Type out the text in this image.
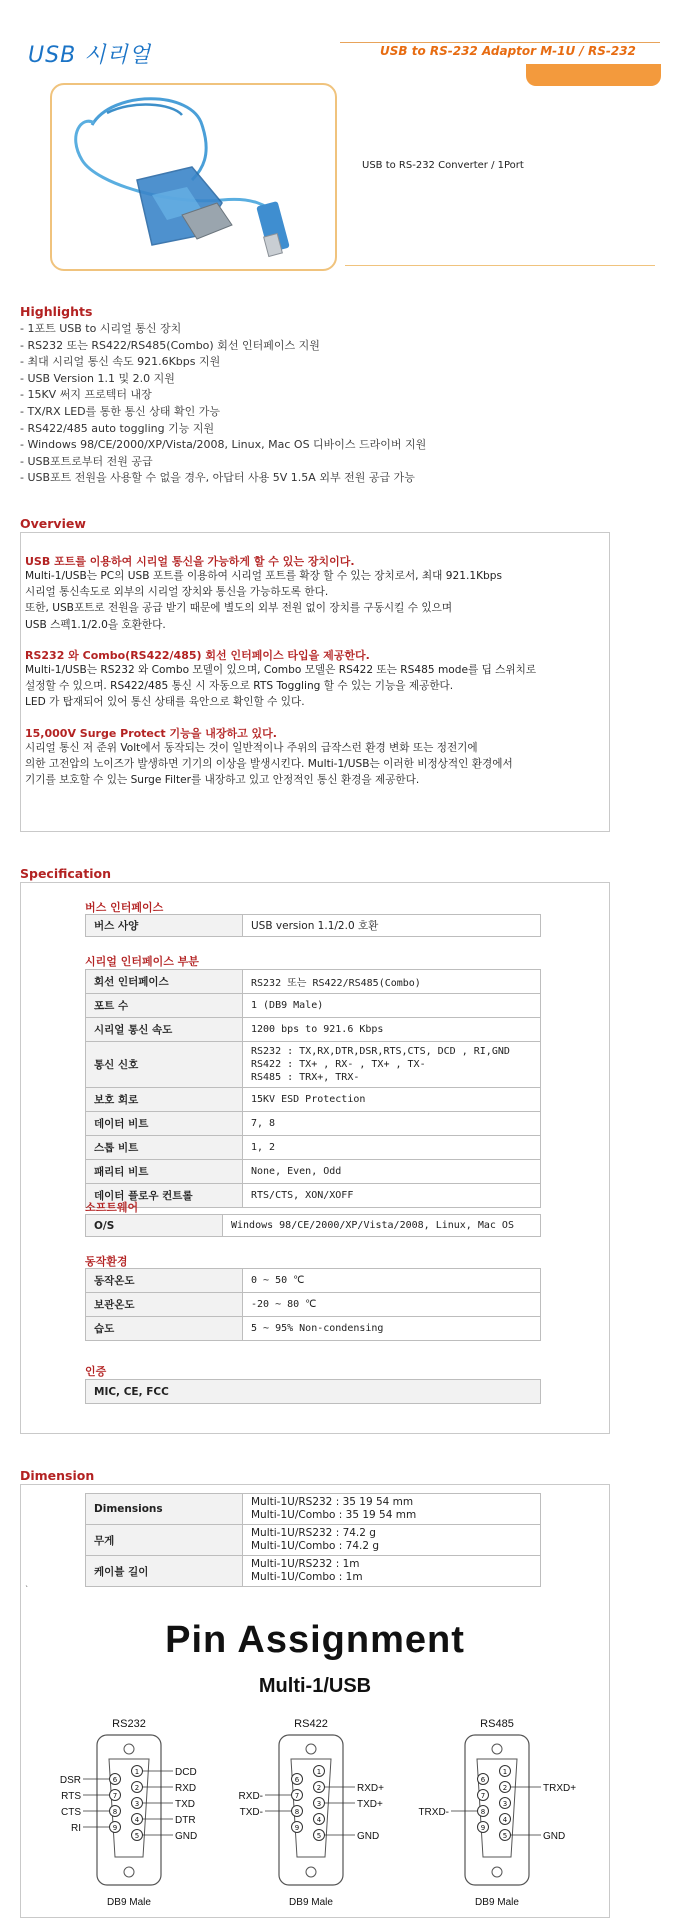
USB 시리얼	USB to RS-232 Adaptor M-1U / RS-232
USB to RS-232 Converter / 1Port
Highlights
- 1포트 USB to 시리얼 통신 장치
- RS232 또는 RS422/RS485(Combo) 회선 인터페이스 지원
- 최대 시리얼 통신 속도 921.6Kbps 지원
- USB Version 1.1 및 2.0 지원
- 15KV 써지 프로텍터 내장
- TX/RX LED를 통한 통신 상태 확인 가능
- RS422/485 auto toggling 기능 지원
- Windows 98/CE/2000/XP/Vista/2008, Linux, Mac OS 디바이스 드라이버 지원
- USB포트로부터 전원 공급
- USB포트 전원을 사용할 수 없을 경우, 아답터 사용 5V 1.5A 외부 전원 공급 가능
Overview
USB 포트를 이용하여 시리얼 통신을 가능하게 할 수 있는 장치이다.
Multi-1/USB는 PC의 USB 포트를 이용하여 시리얼 포트를 확장 할 수 있는 장치로서, 최대 921.1Kbps
시리얼 통신속도로 외부의 시리얼 장치와 통신을 가능하도록 한다.
또한, USB포트로 전원을 공급 받기 때문에 별도의 외부 전원 없이 장치를 구동시킬 수 있으며
USB 스펙1.1/2.0을 호환한다.
RS232 와 Combo(RS422/485) 회선 인터페이스 타입을 제공한다.
Multi-1/USB는 RS232 와 Combo 모델이 있으며, Combo 모델은 RS422 또는 RS485 mode를 딥 스위치로
설정할 수 있으며. RS422/485 통신 시 자동으로 RTS Toggling 할 수 있는 기능을 제공한다.
LED 가 탑재되어 있어 통신 상태를 육안으로 확인할 수 있다.
15,000V Surge Protect 기능을 내장하고 있다.
시리얼 통신 저 준위 Volt에서 동작되는 것이 일반적이나 주위의 급작스런 환경 변화 또는 정전기에
의한 고전압의 노이즈가 발생하면 기기의 이상을 발생시킨다. Multi-1/USB는 이러한 비정상적인 환경에서
기기를 보호할 수 있는 Surge Filter를 내장하고 있고 안정적인 통신 환경을 제공한다.
Specification
버스 인터페이스
버스 사양	USB version 1.1/2.0 호환
시리얼 인터페이스 부분
회선 인터페이스	RS232 또는 RS422/RS485(Combo)
포트 수	1 (DB9 Male)
시리얼 통신 속도	1200 bps to 921.6 Kbps
통신 신호	RS232 : TX,RX,DTR,DSR,RTS,CTS, DCD , RI,GND
RS422 : TX+ , RX- , TX+ , TX-
RS485 : TRX+, TRX-
보호 회로	15KV ESD Protection
데이터 비트	7, 8
스톱 비트	1, 2
패리티 비트	None, Even, Odd
데이터 플로우 컨트롤	RTS/CTS, XON/XOFF
소프트웨어
O/S	Windows 98/CE/2000/XP/Vista/2008, Linux, Mac OS
동작환경
동작온도	0 ~ 50 ℃
보관온도	-20 ~ 80 ℃
습도	5 ~ 95% Non-condensing
인증
MIC, CE, FCC
Dimension
Dimensions	Multi-1U/RS232 : 35 19 54 mm
Multi-1U/Combo : 35 19 54 mm
무게	Multi-1U/RS232 : 74.2 g
Multi-1U/Combo : 74.2 g
케이블 길이	Multi-1U/RS232 : 1m
Multi-1U/Combo : 1m
`
Pin Assignment
Multi-1/USB
RS232
1
2
3
4
5
6
7
8
9
DCD
RXD
TXD
DTR
GND
DSR
RTS
CTS
RI
DB9 Male
RS422
1
2
3
4
5
6
7
8
9
RXD+
TXD+
GND
RXD-
TXD-
DB9 Male
RS485
1
2
3
4
5
6
7
8
9
TRXD+
GND
TRXD-
DB9 Male
